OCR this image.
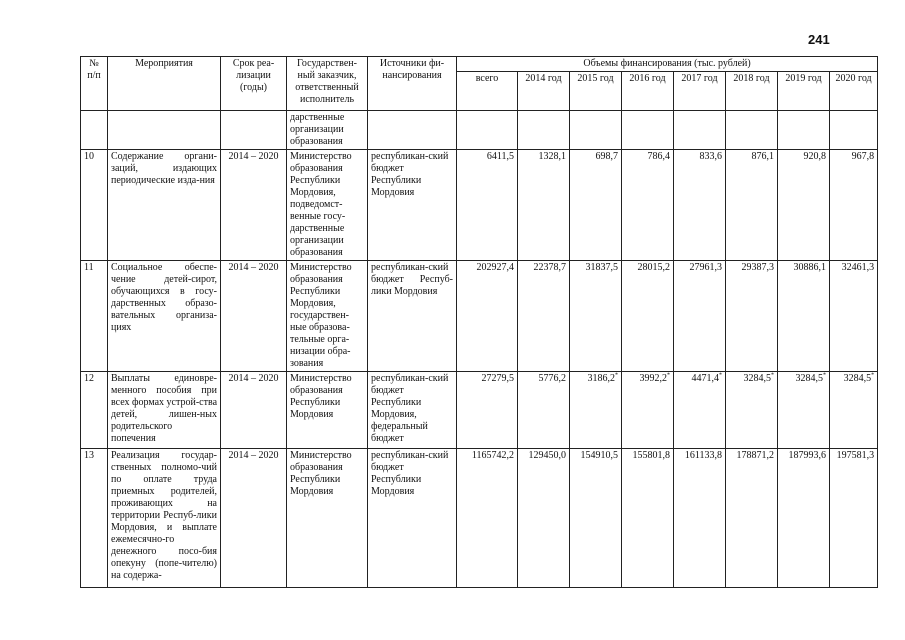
241
№ п/п	Мероприятия	Срок реа-лизации (годы)	Государствен-ный заказчик, ответственный исполнитель	Источники фи-нансирования	Объемы финансирования (тыс. рублей)							
					всего	2014 год	2015 год	2016 год	2017 год	2018 год	2019 год	2020 год
			дарственные организации образования									
10	Содержание органи-заций, издающих периодические изда-ния	2014 – 2020	Министерство образования Республики Мордовия, подведомст-венные госу-дарственные организации образования	республикан-ский бюджет Республики Мордовия	6411,5	1328,1	698,7	786,4	833,6	876,1	920,8	967,8
11	Социальное обеспе-чение детей-сирот, обучающихся в госу-дарственных образо-вательных организа-циях	2014 – 2020	Министерство образования Республики Мордовия, государствен-ные образова-тельные орга-низации обра-зования	республикан-ский бюджет Респуб-лики Мордовия	202927,4	22378,7	31837,5	28015,2	27961,3	29387,3	30886,1	32461,3
12	Выплаты единовре-менного пособия при всех формах устрой-ства детей, лишен-ных родительского попечения	2014 – 2020	Министерство образования Республики Мордовия	республикан-ский бюджет Республики Мордовия, федеральный бюджет	27279,5	5776,2	3186,2*	3992,2*	4471,4*	3284,5*	3284,5*	3284,5*
13	Реализация государ-ственных полномо-чий по оплате труда приемных родителей, проживающих на территории Респуб-лики Мордовия, и выплате ежемесячно-го денежного посо-бия опекуну (попе-чителю) на содержа-	2014 – 2020	Министерство образования Республики Мордовия	республикан-ский бюджет Республики Мордовия	1165742,2	129450,0	154910,5	155801,8	161133,8	178871,2	187993,6	197581,3
